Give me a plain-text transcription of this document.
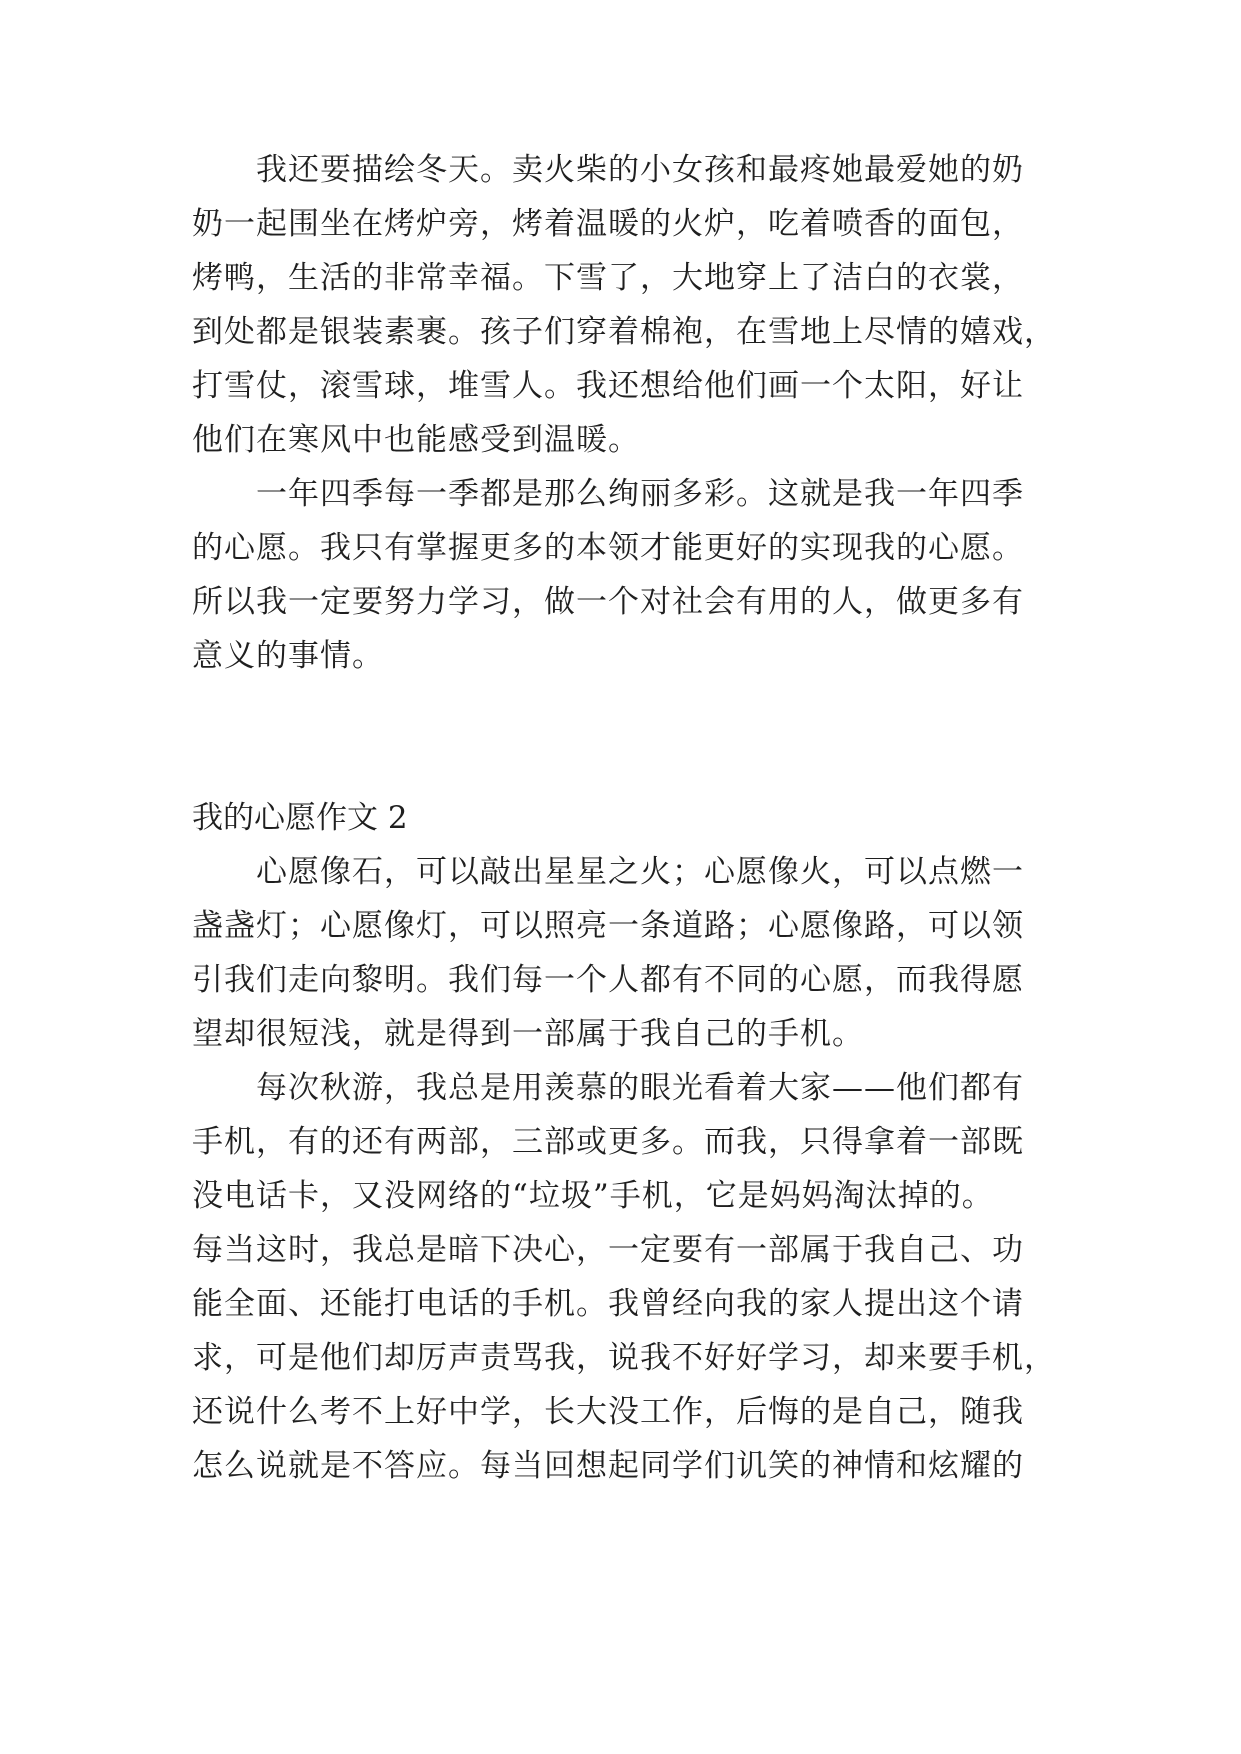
我还要描绘冬天。卖火柴的小女孩和最疼她最爱她的奶

奶一起围坐在烤炉旁，烤着温暖的火炉，吃着喷香的面包，

烤鸭，生活的非常幸福。下雪了，大地穿上了洁白的衣裳，

到处都是银装素裹。孩子们穿着棉袍，在雪地上尽情的嬉戏，

打雪仗，滚雪球，堆雪人。我还想给他们画一个太阳，好让

他们在寒风中也能感受到温暖。

一年四季每一季都是那么绚丽多彩。这就是我一年四季

的心愿。我只有掌握更多的本领才能更好的实现我的心愿。

所以我一定要努力学习，做一个对社会有用的人，做更多有

意义的事情。

我的心愿作文 2

心愿像石，可以敲出星星之火；心愿像火，可以点燃一

盏盏灯；心愿像灯，可以照亮一条道路；心愿像路，可以领

引我们走向黎明。我们每一个人都有不同的心愿，而我得愿

望却很短浅，就是得到一部属于我自己的手机。

每次秋游，我总是用羡慕的眼光看着大家——他们都有

手机，有的还有两部，三部或更多。而我，只得拿着一部既

没电话卡，又没网络的“垃圾”手机，它是妈妈淘汰掉的。

每当这时，我总是暗下决心，一定要有一部属于我自己、功

能全面、还能打电话的手机。我曾经向我的家人提出这个请

求，可是他们却厉声责骂我，说我不好好学习，却来要手机，

还说什么考不上好中学，长大没工作，后悔的是自己，随我

怎么说就是不答应。每当回想起同学们讥笑的神情和炫耀的
